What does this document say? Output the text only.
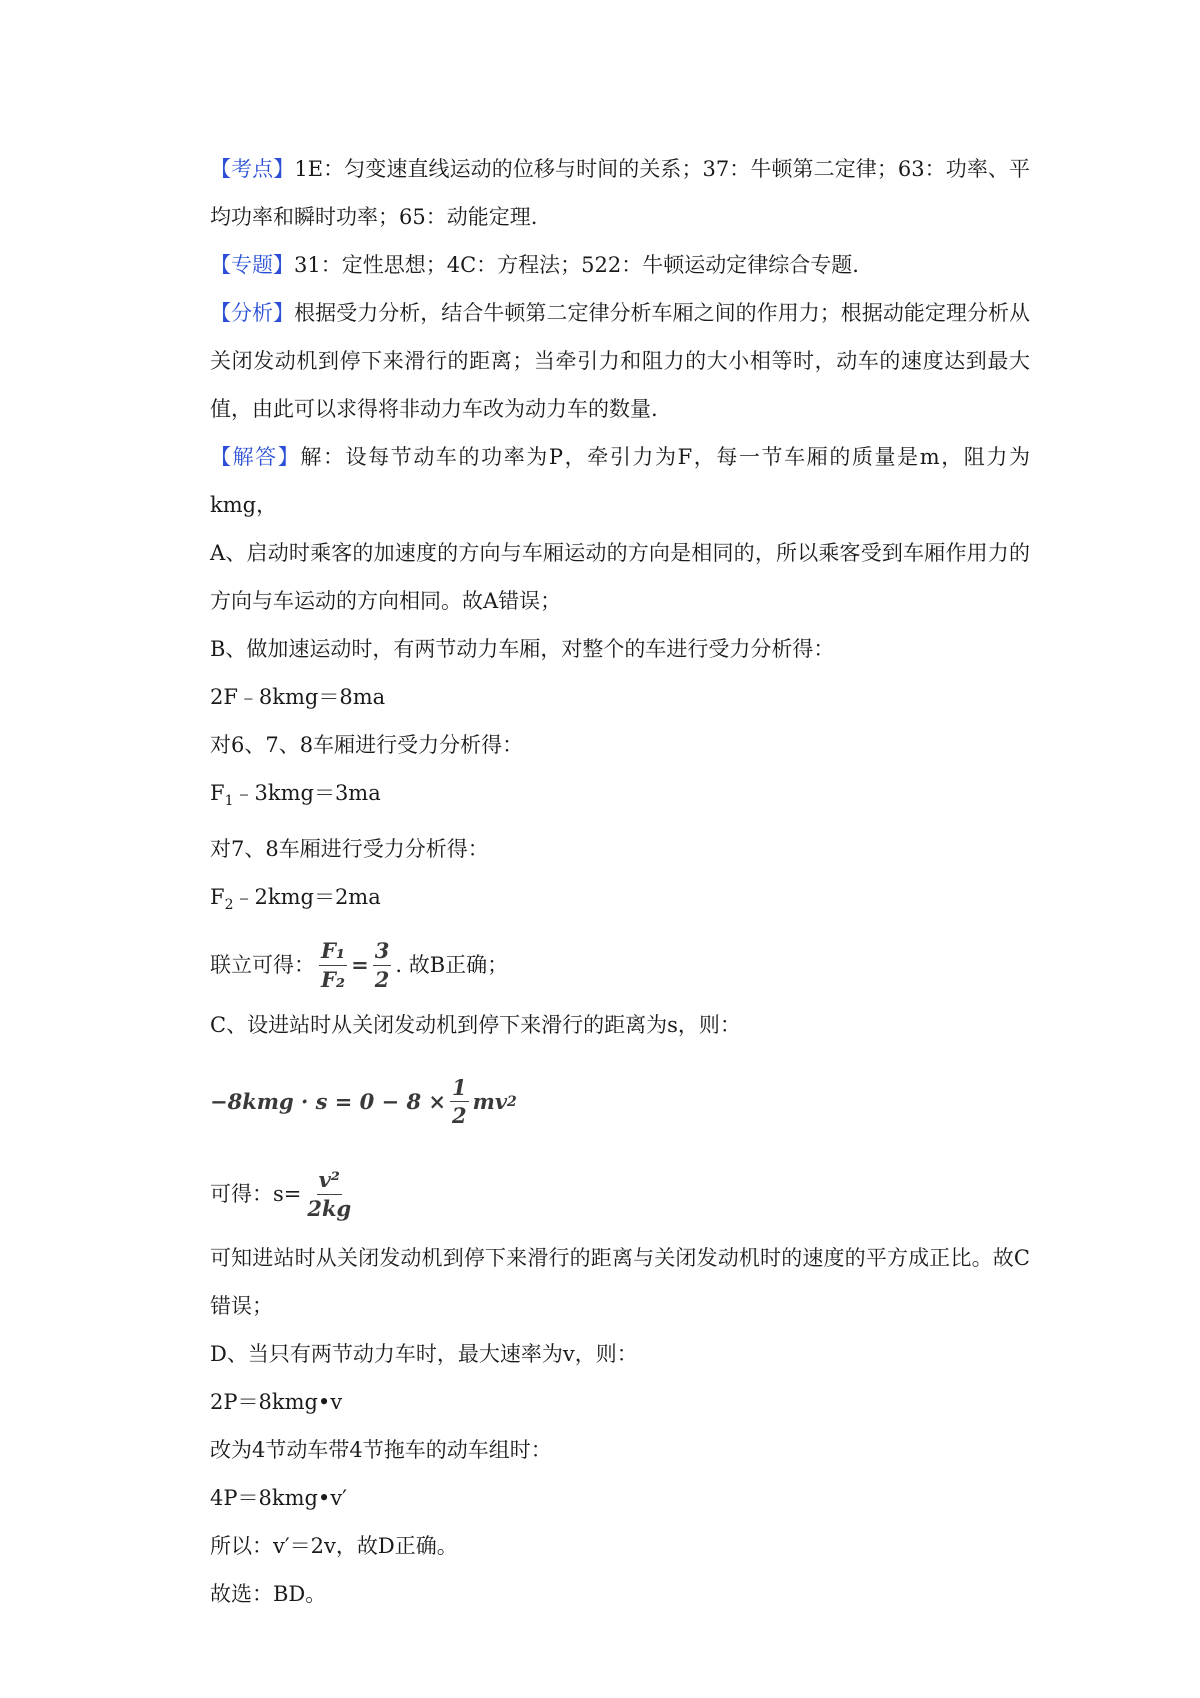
【考点】1E：匀变速直线运动的位移与时间的关系；37：牛顿第二定律；63：功率、平均功率和瞬时功率；65：动能定理.

【专题】31：定性思想；4C：方程法；522：牛顿运动定律综合专题.

【分析】根据受力分析，结合牛顿第二定律分析车厢之间的作用力；根据动能定理分析从关闭发动机到停下来滑行的距离；当牵引力和阻力的大小相等时，动车的速度达到最大值，由此可以求得将非动力车改为动力车的数量.

【解答】解：设每节动车的功率为P，牵引力为F，每一节车厢的质量是m，阻力为kmg，

A、启动时乘客的加速度的方向与车厢运动的方向是相同的，所以乘客受到车厢作用力的方向与车运动的方向相同。故A错误；

B、做加速运动时，有两节动力车厢，对整个的车进行受力分析得：

2F﹣8kmg＝8ma

对6、7、8车厢进行受力分析得：

$F_1﹣3kmg=3ma$

对7、8车厢进行受力分析得：

$F_2﹣2kmg=2ma$

联立可得： $\frac{\text{F₁}}{\text{F₂}} = \frac{3}{2}$ . 故B正确；

C、设进站时从关闭发动机到停下来滑行的距离为s，则：

$-8kmg \cdot s = 0 - 8 \times \frac{1}{2}$ mv 2
可得：$s= \frac{\text{v²}}{2kg}$

可知进站时从关闭发动机到停下来滑行的距离与关闭发动机时的速度的平方成正比。故C错误；

D、当只有两节动力车时，最大速率为v，则：

2P＝8kmg•v

改为4节动车带4节拖车的动车组时：

4P＝8kmg•v′

所以：v′＝2v，故D正确。

故选：BD。
